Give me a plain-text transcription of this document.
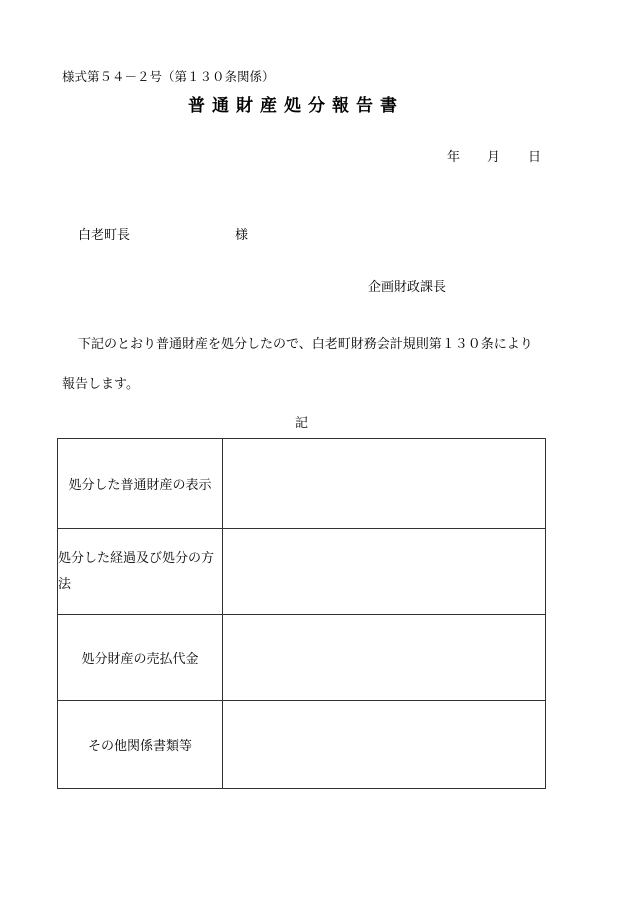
様式第５４－２号（第１３０条関係）
普通財産処分報告書
年 月 日
白老町長	様
企画財政課長
下記のとおり普通財産を処分したので、白老町財務会計規則第１３０条により
報告します。
記
処分した普通財産の表示	
処分した経過及び処分の方法	
処分財産の売払代金	
その他関係書類等	
